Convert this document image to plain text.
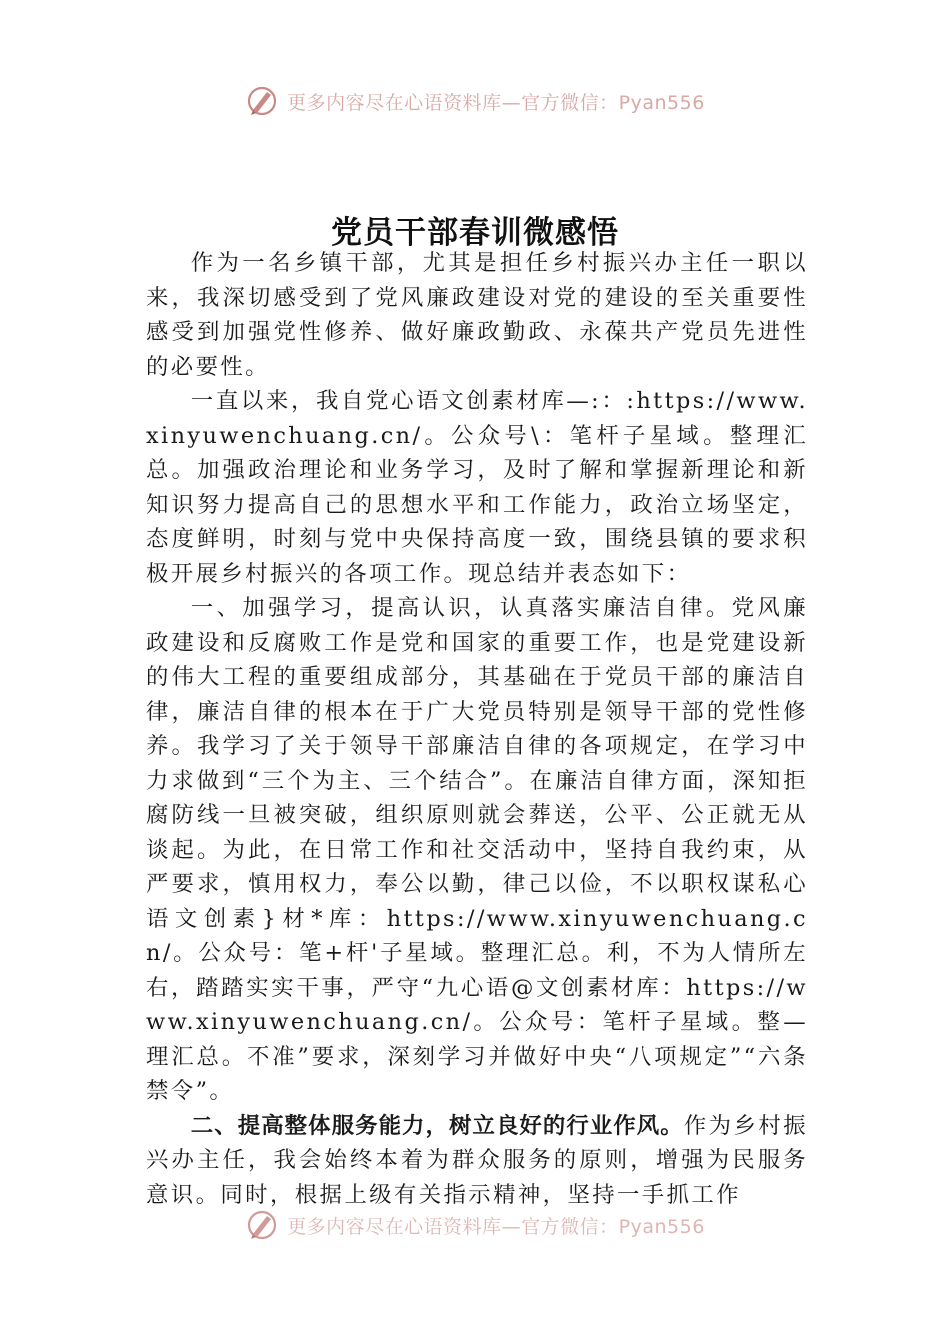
更多内容尽在心语资料库—官方微信：Pyan556
党员干部春训微感悟

作为一名乡镇干部，尤其是担任乡村振兴办主任一职以来，我深切感受到了党风廉政建设对党的建设的至关重要性感受到加强党性修养、做好廉政勤政、永葆共产党员先进性的必要性。

一直以来，我自党心语文创素材库—:：:https://www.xinyuwenchuang.cn/。公众号\：笔杆子星域。整理汇总。加强政治理论和业务学习，及时了解和掌握新理论和新知识努力提高自己的思想水平和工作能力，政治立场坚定，态度鲜明，时刻与党中央保持高度一致，围绕县镇的要求积极开展乡村振兴的各项工作。现总结并表态如下：

一、加强学习，提高认识，认真落实廉洁自律。党风廉政建设和反腐败工作是党和国家的重要工作，也是党建设新的伟大工程的重要组成部分，其基础在于党员干部的廉洁自律，廉洁自律的根本在于广大党员特别是领导干部的党性修养。我学习了关于领导干部廉洁自律的各项规定，在学习中力求做到“三个为主、三个结合”。在廉洁自律方面，深知拒腐防线一旦被突破，组织原则就会葬送，公平、公正就无从谈起。为此，在日常工作和社交活动中，坚持自我约束，从严要求，慎用权力，奉公以勤，律己以俭，不以职权谋私心语文创素}材*库：https://www.xinyuwenchuang.cn/。公众号：笔+杆'子星域。整理汇总。利，不为人情所左右，踏踏实实干事，严守“九心语@文创素材库：https://www.xinyuwenchuang.cn/。公众号：笔杆子星域。整—理汇总。不准”要求，深刻学习并做好中央“八项规定”“六条禁令”。

二、提高整体服务能力，树立良好的行业作风。作为乡村振兴办主任，我会始终本着为群众服务的原则，增强为民服务意识。同时，根据上级有关指示精神，坚持一手抓工作

更多内容尽在心语资料库—官方微信：Pyan556
